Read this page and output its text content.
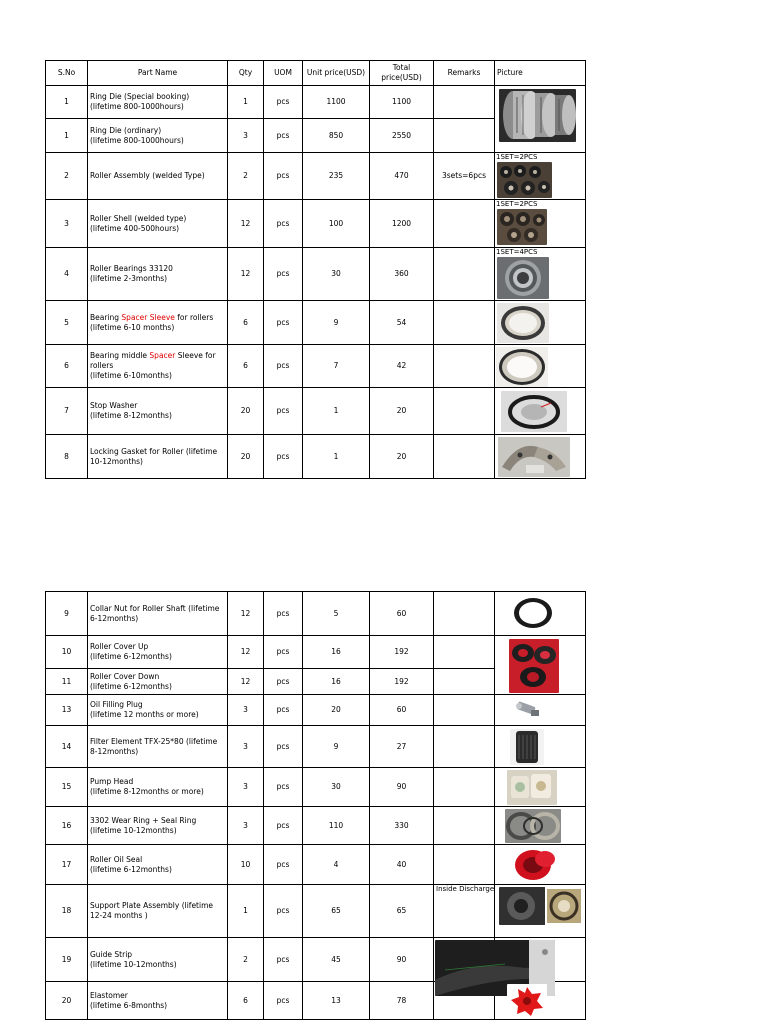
S.No	Part Name	Qty	UOM	Unit price(USD)	Total price(USD)	Remarks	Picture
1	Ring Die (Special booking)
(lifetime 800-1000hours)	1	pcs	1100	1100		

1	Ring Die (ordinary)
(lifetime 800-1000hours)	3	pcs	850	2550		
2	Roller Assembly (welded Type)	2	pcs	235	470	3sets=6pcs	1SET=2PCS

3	Roller Shell (welded type)
(lifetime 400-500hours)	12	pcs	100	1200		1SET=2PCS

4	Roller Bearings 33120
(lifetime 2-3months)	12	pcs	30	360		1SET=4PCS

5	Bearing Spacer Sleeve for rollers
(lifetime 6-10 months)	6	pcs	9	54		

6	Bearing middle Spacer Sleeve for rollers
(lifetime 6-10months)	6	pcs	7	42		

7	Stop Washer
(lifetime 8-12months)	20	pcs	1	20		

8	Locking Gasket for Roller (lifetime
10-12months)	20	pcs	1	20		
9	Collar Nut for Roller Shaft (lifetime
6-12months)	12	pcs	5	60		

10	Roller Cover Up
(lifetime 6-12months)	12	pcs	16	192		

11	Roller Cover Down
(lifetime 6-12months)	12	pcs	16	192		
13	Oil Filling Plug
(lifetime 12 months or more)	3	pcs	20	60		

14	Filter Element TFX-25*80 (lifetime
8-12months)	3	pcs	9	27		

15	Pump Head
(lifetime 8-12months or more)	3	pcs	30	90		

16	3302 Wear Ring + Seal Ring
(lifetime 10-12months)	3	pcs	110	330		

17	Roller Oil Seal
(lifetime 6-12months)	10	pcs	4	40		

18	Support Plate Assembly (lifetime
12-24 months )	1	pcs	65	65	Inside Discharge

19	Guide Strip
(lifetime 10-12months)	2	pcs	45	90	

20	Elastomer
(lifetime 6-8months)	6	pcs	13	78		
